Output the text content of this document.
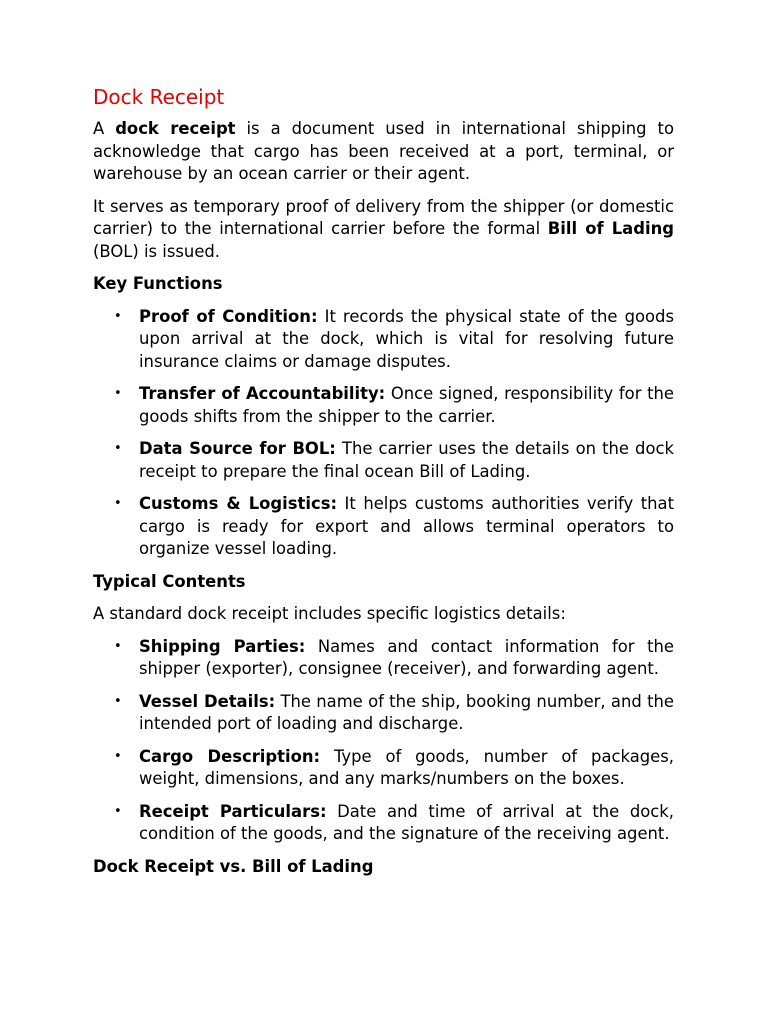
Dock Receipt

A dock receipt is a document used in international shipping to acknowledge that cargo has been received at a port, terminal, or warehouse by an ocean carrier or their agent.

It serves as temporary proof of delivery from the shipper (or domestic carrier) to the international carrier before the formal Bill of Lading (BOL) is issued.

Key Functions
• Proof of Condition: It records the physical state of the goods upon arrival at the dock, which is vital for resolving future insurance claims or damage disputes.
• Transfer of Accountability: Once signed, responsibility for the goods shifts from the shipper to the carrier.
• Data Source for BOL: The carrier uses the details on the dock receipt to prepare the final ocean Bill of Lading.
• Customs & Logistics: It helps customs authorities verify that cargo is ready for export and allows terminal operators to organize vessel loading.
Typical Contents

A standard dock receipt includes specific logistics details:

• Shipping Parties: Names and contact information for the shipper (exporter), consignee (receiver), and forwarding agent.
• Vessel Details: The name of the ship, booking number, and the intended port of loading and discharge.
• Cargo Description: Type of goods, number of packages, weight, dimensions, and any marks/numbers on the boxes.
• Receipt Particulars: Date and time of arrival at the dock, condition of the goods, and the signature of the receiving agent.
Dock Receipt vs. Bill of Lading
